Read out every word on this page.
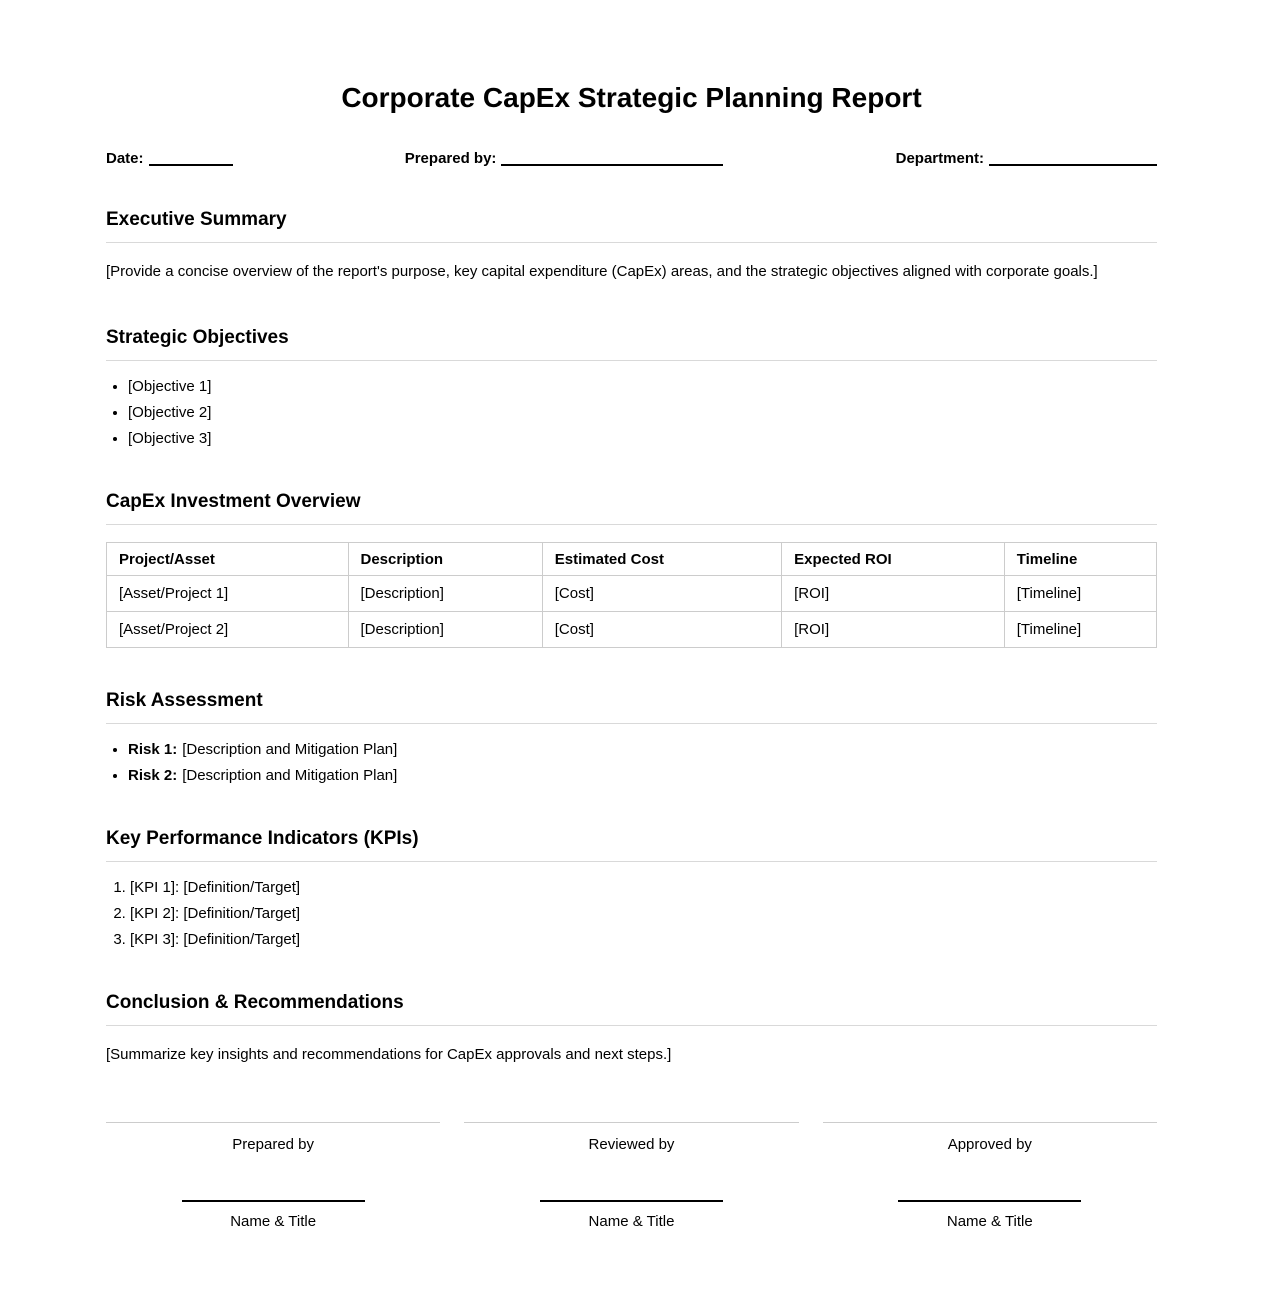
Corporate CapEx Strategic Planning Report
Date:	Prepared by:	Department:
Executive Summary

[Provide a concise overview of the report's purpose, key capital expenditure (CapEx) areas, and the strategic objectives aligned with corporate goals.]

Strategic Objectives
• [Objective 1]
• [Objective 2]
• [Objective 3]
CapEx Investment Overview
Project/Asset	Description	Estimated Cost	Expected ROI	Timeline
[Asset/Project 1]	[Description]	[Cost]	[ROI]	[Timeline]
[Asset/Project 2]	[Description]	[Cost]	[ROI]	[Timeline]
Risk Assessment
• Risk 1: [Description and Mitigation Plan]
• Risk 2: [Description and Mitigation Plan]
Key Performance Indicators (KPIs)
1. [KPI 1]: [Definition/Target]
2. [KPI 2]: [Definition/Target]
3. [KPI 3]: [Definition/Target]
Conclusion & Recommendations

[Summarize key insights and recommendations for CapEx approvals and next steps.]

Prepared by
Name & Title
Reviewed by
Name & Title
Approved by
Name & Title
